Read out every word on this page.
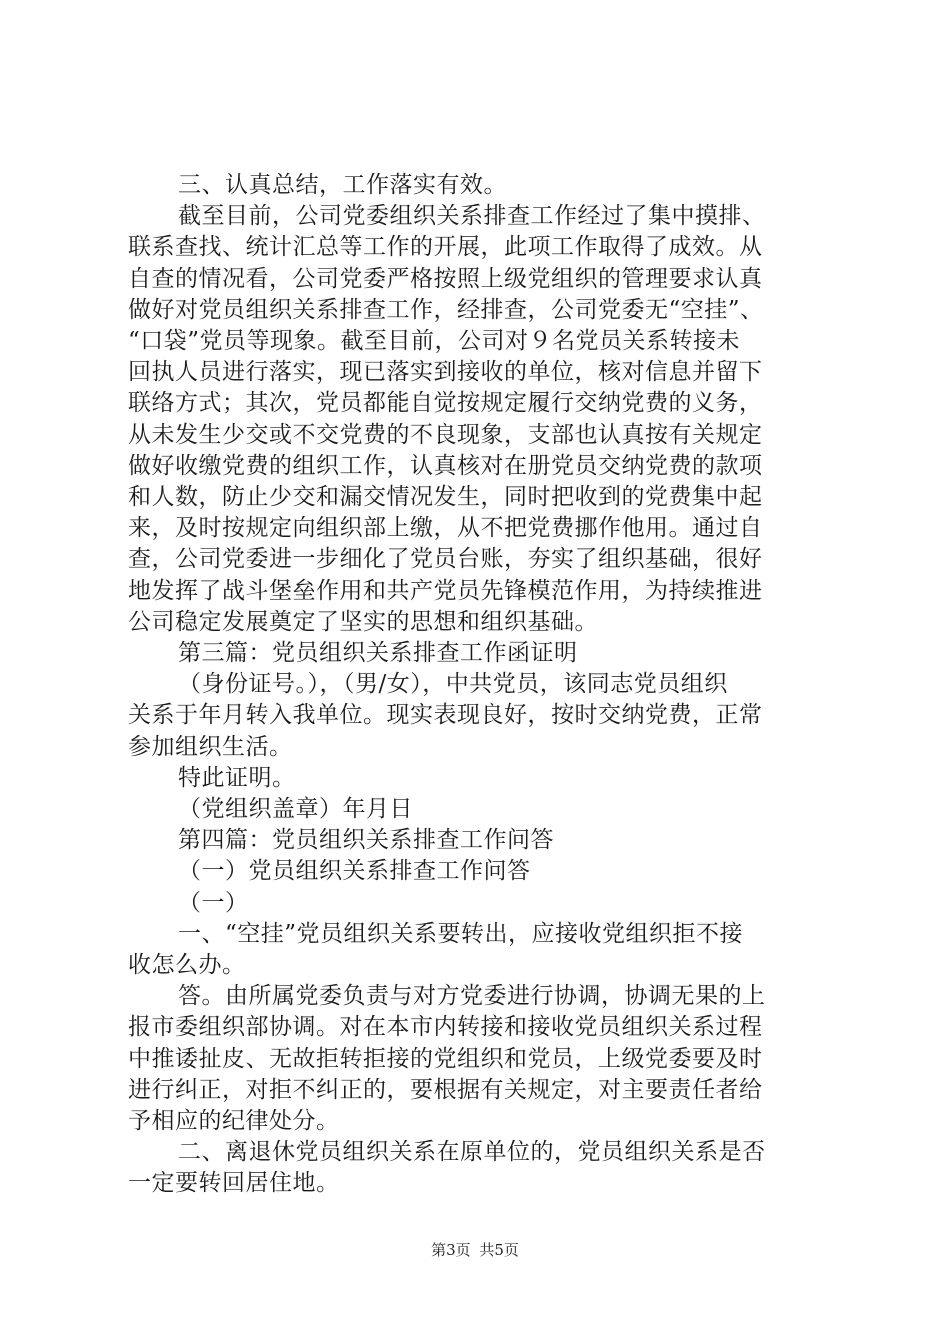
三、认真总结，工作落实有效。
截至目前，公司党委组织关系排查工作经过了集中摸排、
联系查找、统计汇总等工作的开展，此项工作取得了成效。从
自查的情况看，公司党委严格按照上级党组织的管理要求认真
做好对党员组织关系排查工作，经排查，公司党委无“空挂”、
“口袋”党员等现象。截至目前，公司对９名党员关系转接未
回执人员进行落实，现已落实到接收的单位，核对信息并留下
联络方式；其次，党员都能自觉按规定履行交纳党费的义务，
从未发生少交或不交党费的不良现象，支部也认真按有关规定
做好收缴党费的组织工作，认真核对在册党员交纳党费的款项
和人数，防止少交和漏交情况发生，同时把收到的党费集中起
来，及时按规定向组织部上缴，从不把党费挪作他用。通过自
查，公司党委进一步细化了党员台账，夯实了组织基础，很好
地发挥了战斗堡垒作用和共产党员先锋模范作用，为持续推进
公司稳定发展奠定了坚实的思想和组织基础。
第三篇：党员组织关系排查工作函证明
（身份证号。），（男/女），中共党员，该同志党员组织
关系于年月转入我单位。现实表现良好，按时交纳党费，正常
参加组织生活。
特此证明。
（党组织盖章）年月日
第四篇：党员组织关系排查工作问答
（一）党员组织关系排查工作问答
（一）
一、“空挂”党员组织关系要转出，应接收党组织拒不接
收怎么办。
答。由所属党委负责与对方党委进行协调，协调无果的上
报市委组织部协调。对在本市内转接和接收党员组织关系过程
中推诿扯皮、无故拒转拒接的党组织和党员，上级党委要及时
进行纠正，对拒不纠正的，要根据有关规定，对主要责任者给
予相应的纪律处分。
二、离退休党员组织关系在原单位的，党员组织关系是否
一定要转回居住地。
第3页 共5页
